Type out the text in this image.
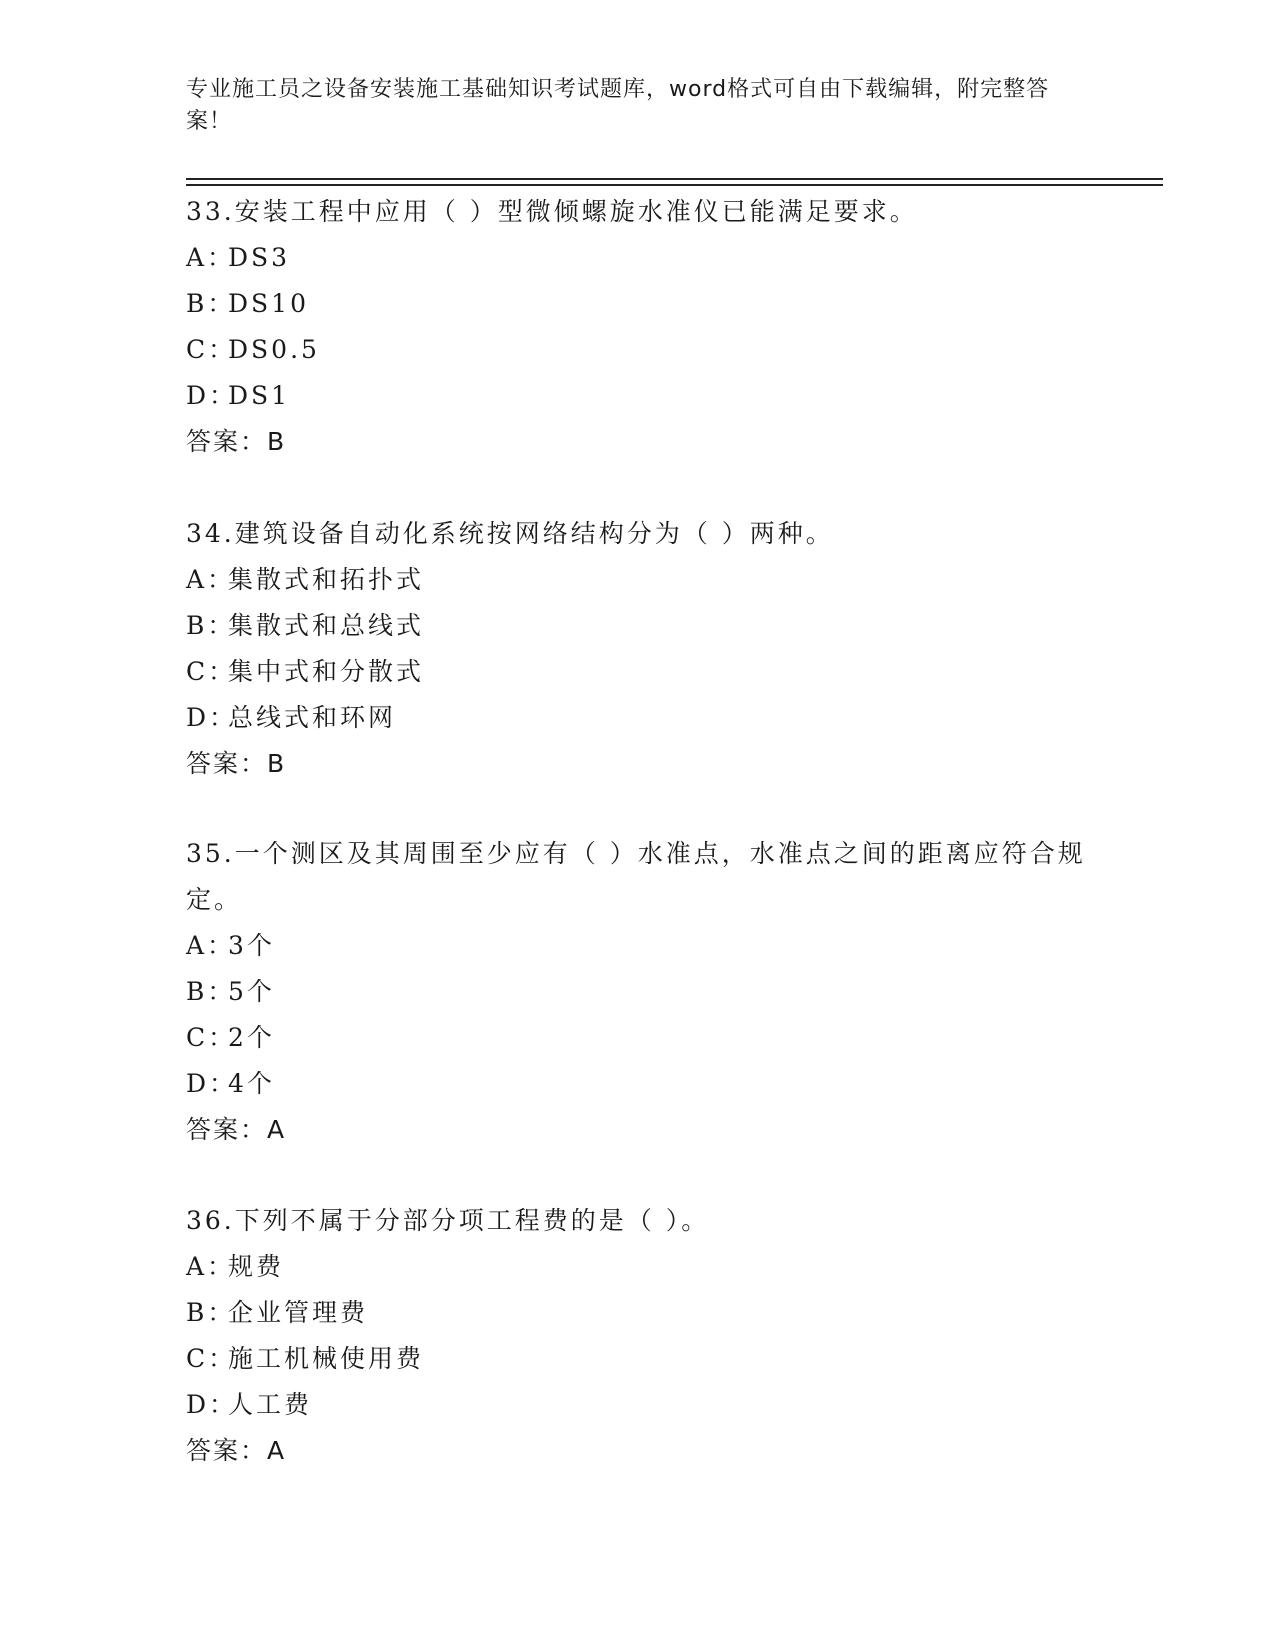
专业施工员之设备安装施工基础知识考试题库，word格式可自由下载编辑，附完整答案！

33.安装工程中应用（ ）型微倾螺旋水准仪已能满足要求。

A：
DS3
B：
DS10
C：
DS0.5
D：
DS1
答案：B

34.建筑设备自动化系统按网络结构分为（ ）两种。

A：
集散式和拓扑式
B：
集散式和总线式
C：
集中式和分散式
D：
总线式和环网
答案：B

35.一个测区及其周围至少应有（ ）水准点，水准点之间的距离应符合规定。

A：
3个
B：
5个
C：
2个
D：
4个
答案：A

36.下列不属于分部分项工程费的是（ ）。

A：
规费
B：
企业管理费
C：
施工机械使用费
D：
人工费
答案：A
